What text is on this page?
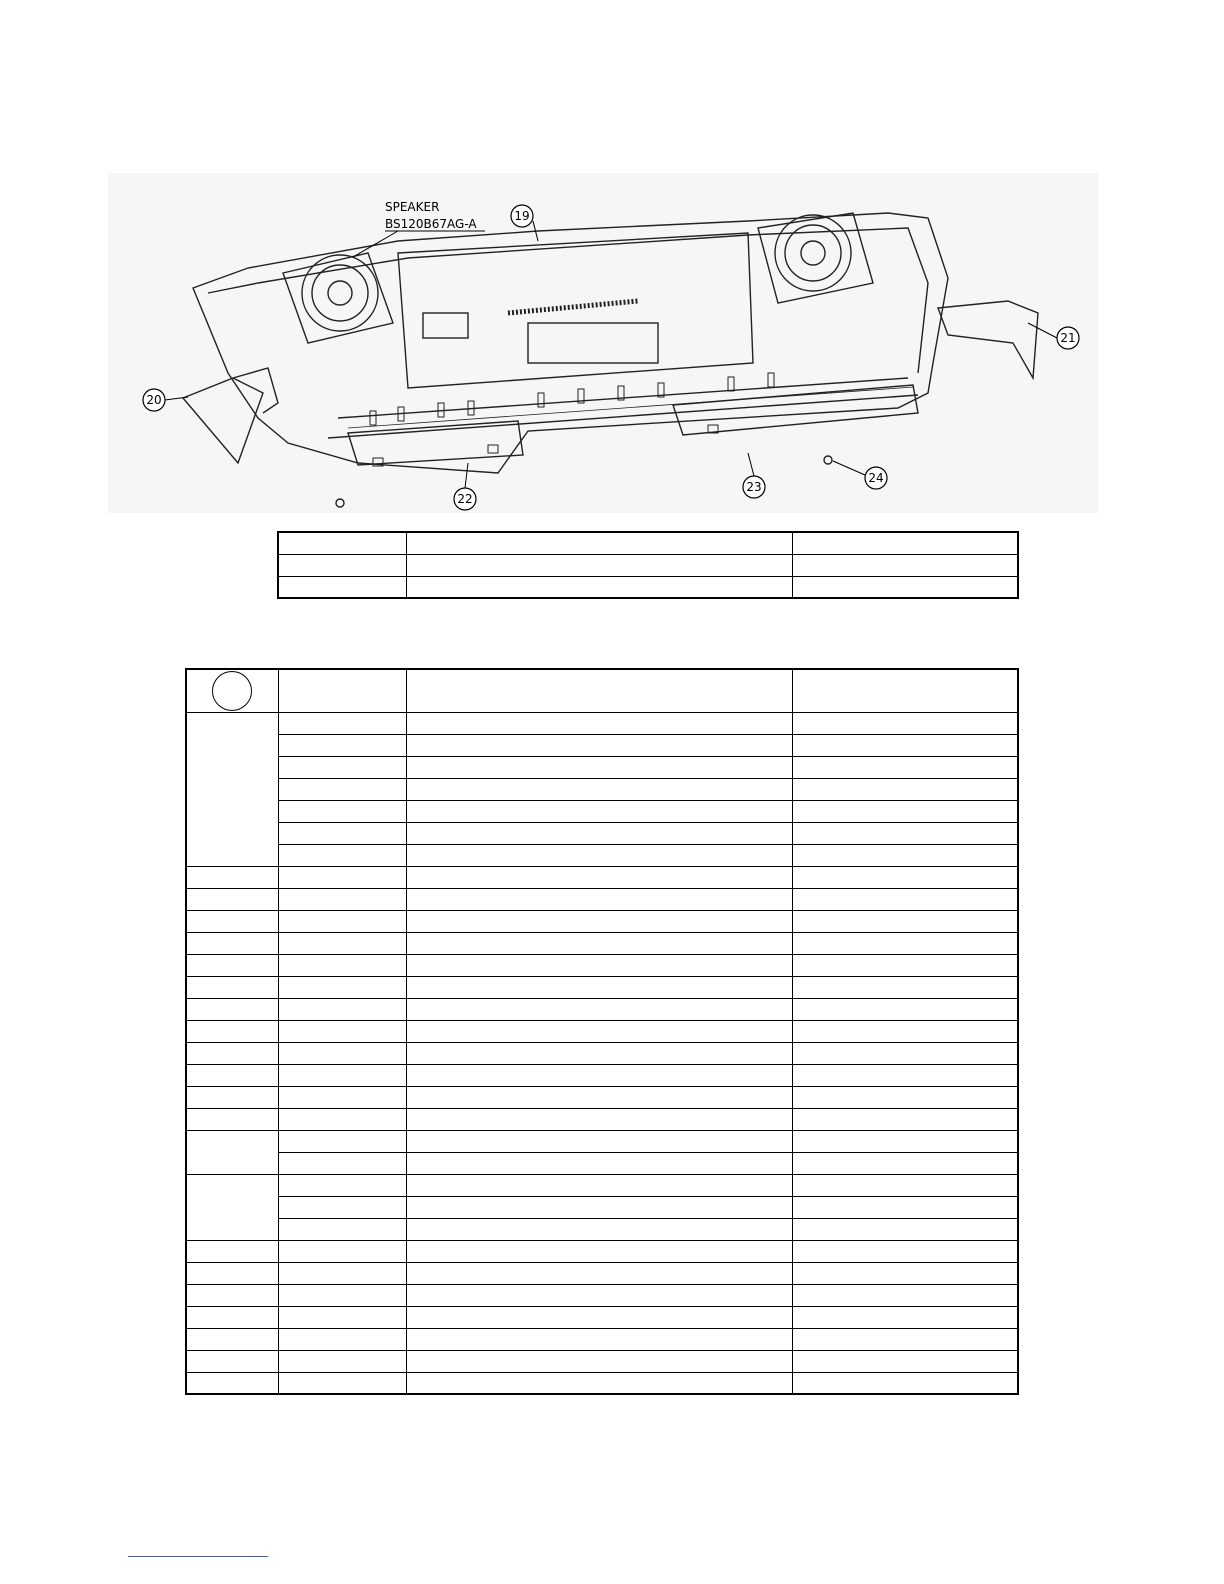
SPEAKER
BS120B67AG-A
19
20
21
22
23
24
